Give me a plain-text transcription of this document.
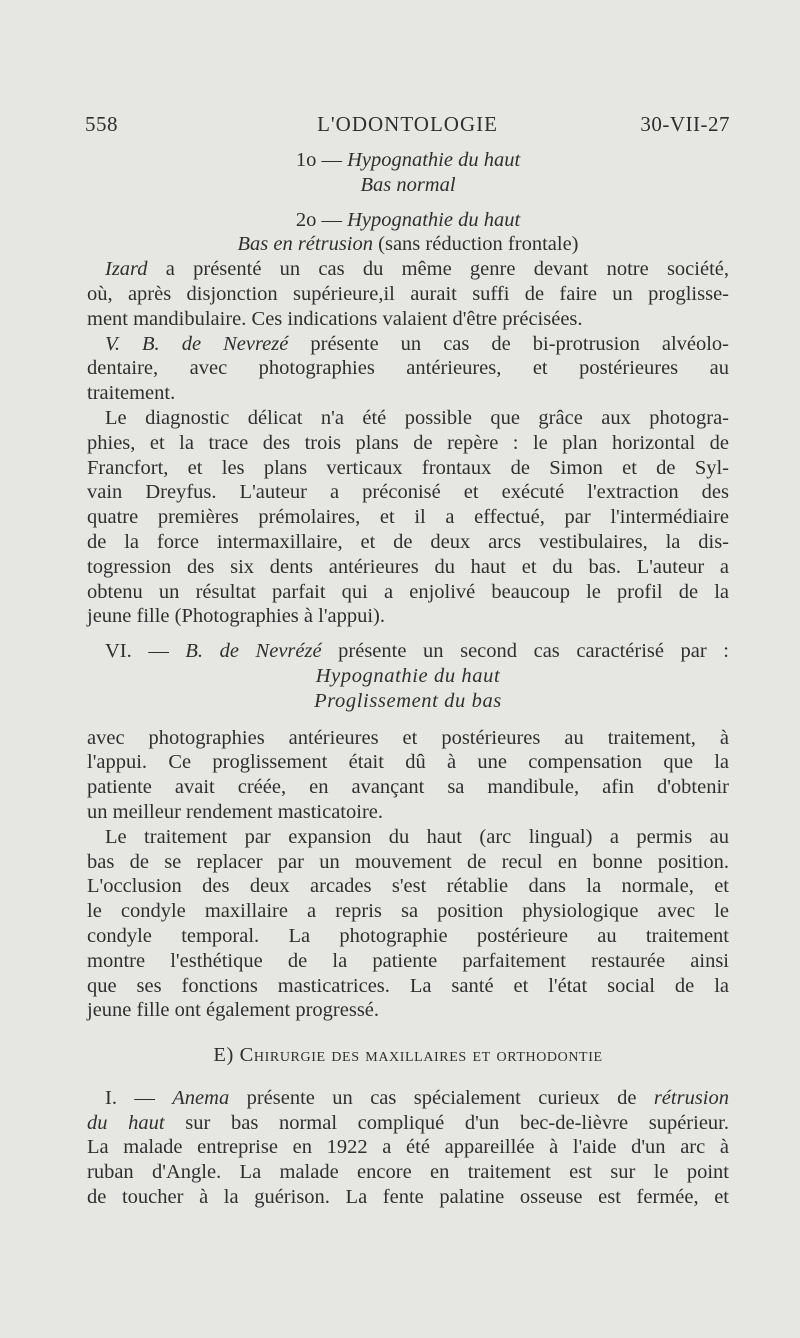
558	L'ODONTOLOGIE	30-VII-27
1o — Hypognathie du haut
Bas normal
2o — Hypognathie du haut
Bas en rétrusion (sans réduction frontale)
Izard a présenté un cas du même genre devant notre société,
où, après disjonction supérieure,il aurait suffi de faire un proglisse-
ment mandibulaire. Ces indications valaient d'être précisées.
V. B. de Nevrezé présente un cas de bi-protrusion alvéolo-
dentaire, avec photographies antérieures, et postérieures au
traitement.
Le diagnostic délicat n'a été possible que grâce aux photogra-
phies, et la trace des trois plans de repère : le plan horizontal de
Francfort, et les plans verticaux frontaux de Simon et de Syl-
vain Dreyfus. L'auteur a préconisé et exécuté l'extraction des
quatre premières prémolaires, et il a effectué, par l'intermédiaire
de la force intermaxillaire, et de deux arcs vestibulaires, la dis-
togression des six dents antérieures du haut et du bas. L'auteur a
obtenu un résultat parfait qui a enjolivé beaucoup le profil de la
jeune fille (Photographies à l'appui).
VI. — B. de Nevrézé présente un second cas caractérisé par :
Hypognathie du haut
Proglissement du bas
avec photographies antérieures et postérieures au traitement, à
l'appui. Ce proglissement était dû à une compensation que la
patiente avait créée, en avançant sa mandibule, afin d'obtenir
un meilleur rendement masticatoire.
Le traitement par expansion du haut (arc lingual) a permis au
bas de se replacer par un mouvement de recul en bonne position.
L'occlusion des deux arcades s'est rétablie dans la normale, et
le condyle maxillaire a repris sa position physiologique avec le
condyle temporal. La photographie postérieure au traitement
montre l'esthétique de la patiente parfaitement restaurée ainsi
que ses fonctions masticatrices. La santé et l'état social de la
jeune fille ont également progressé.
E) Chirurgie des maxillaires et orthodontie
I. — Anema présente un cas spécialement curieux de rétrusion
du haut sur bas normal compliqué d'un bec-de-lièvre supérieur.
La malade entreprise en 1922 a été appareillée à l'aide d'un arc à
ruban d'Angle. La malade encore en traitement est sur le point
de toucher à la guérison. La fente palatine osseuse est fermée, et
